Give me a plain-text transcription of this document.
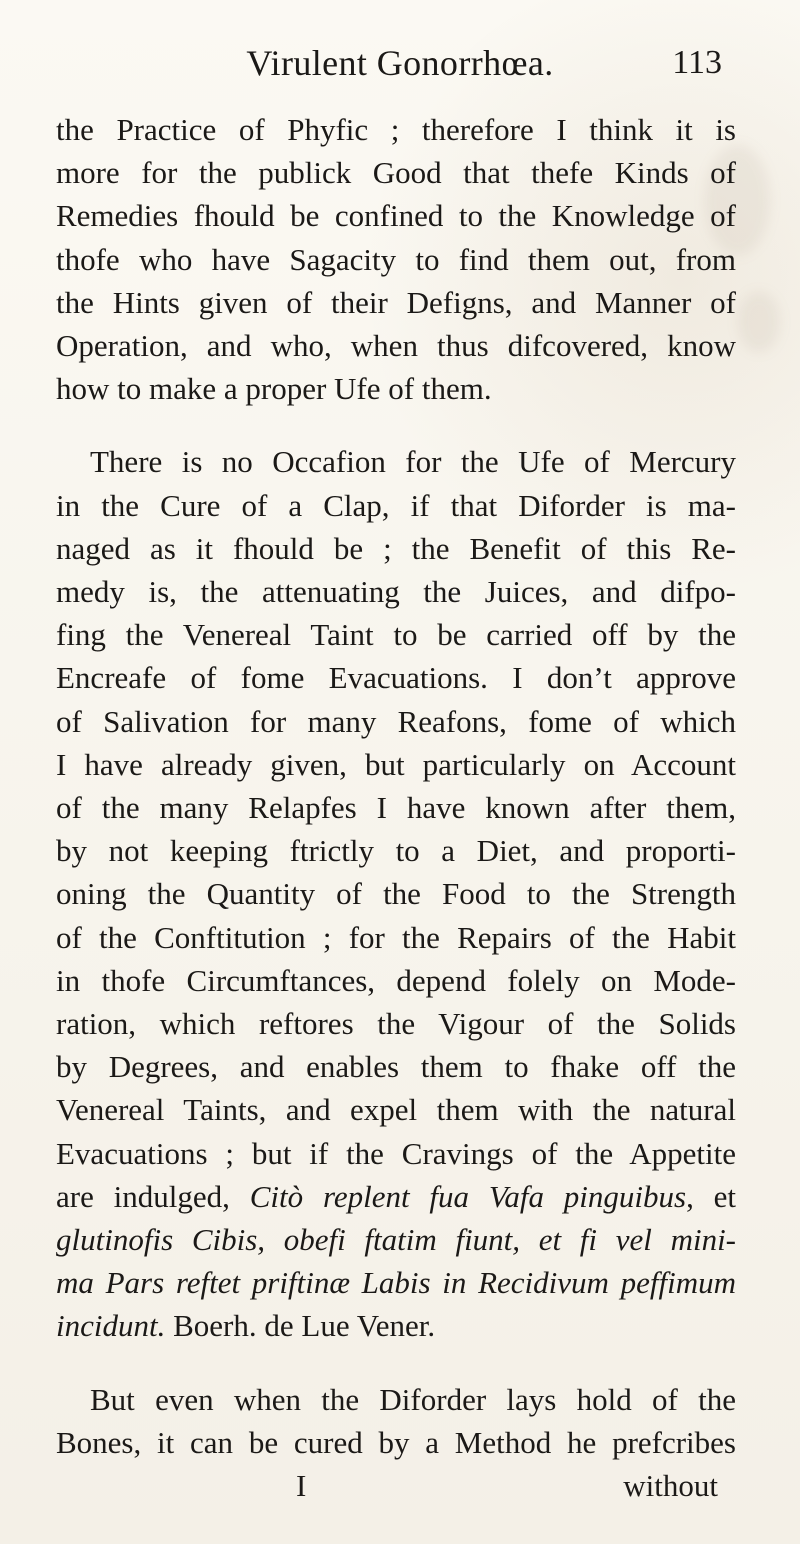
Virulent Gonorrhœa.	113
the Practice of Phyfic ; therefore I think it is
more for the publick Good that thefe Kinds of
Remedies fhould be confined to the Knowledge of
thofe who have Sagacity to find them out, from
the Hints given of their Defigns, and Manner of
Operation, and who, when thus difcovered, know
how to make a proper Ufe of them.
There is no Occafion for the Ufe of Mercury
in the Cure of a Clap, if that Diforder is ma-
naged as it fhould be ; the Benefit of this Re-
medy is, the attenuating the Juices, and difpo-
fing the Venereal Taint to be carried off by the
Encreafe of fome Evacuations. I don’t approve
of Salivation for many Reafons, fome of which
I have already given, but particularly on Account
of the many Relapfes I have known after them,
by not keeping ftrictly to a Diet, and proporti-
oning the Quantity of the Food to the Strength
of the Conftitution ; for the Repairs of the Habit
in thofe Circumftances, depend folely on Mode-
ration, which reftores the Vigour of the Solids
by Degrees, and enables them to fhake off the
Venereal Taints, and expel them with the natural
Evacuations ; but if the Cravings of the Appetite
are indulged, Citò replent fua Vafa pinguibus, et
glutinofis Cibis, obefi ftatim fiunt, et fi vel mini-
ma Pars reftet priftinæ Labis in Recidivum peffimum
incidunt. Boerh. de Lue Vener.
But even when the Diforder lays hold of the
Bones, it can be cured by a Method he prefcribes
I	without
